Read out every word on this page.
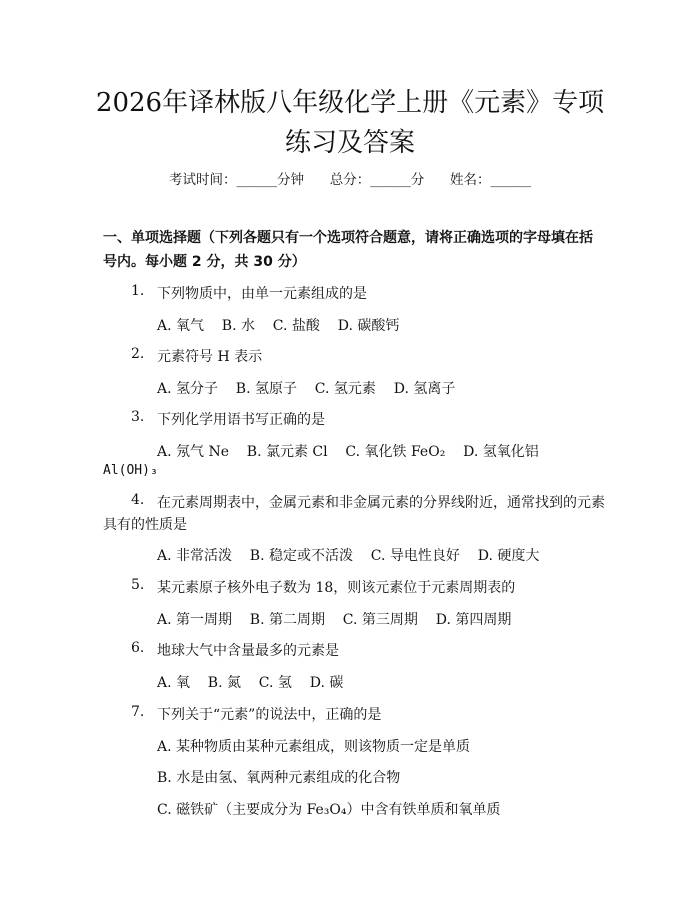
2026年译林版八年级化学上册《元素》专项练习及答案
考试时间：______分钟      总分：______分      姓名：______
一、单项选择题（下列各题只有一个选项符合题意，请将正确选项的字母填在括号内。每小题 2 分，共 30 分）
1. 下列物质中，由单一元素组成的是
A. 氧气    B. 水    C. 盐酸    D. 碳酸钙
2. 元素符号 H 表示
A. 氢分子    B. 氢原子    C. 氢元素    D. 氢离子
3. 下列化学用语书写正确的是
A. 氖气 Ne    B. 氯元素 Cl    C. 氧化铁 FeO₂    D. 氢氧化铝
Al(OH)₃
4. 在元素周期表中，金属元素和非金属元素的分界线附近，通常找到的元素
具有的性质是
A. 非常活泼    B. 稳定或不活泼    C. 导电性良好    D. 硬度大
5. 某元素原子核外电子数为 18，则该元素位于元素周期表的
A. 第一周期    B. 第二周期    C. 第三周期    D. 第四周期
6. 地球大气中含量最多的元素是
A. 氧    B. 氮    C. 氢    D. 碳
7. 下列关于“元素”的说法中，正确的是
A. 某种物质由某种元素组成，则该物质一定是单质
B. 水是由氢、氧两种元素组成的化合物
C. 磁铁矿（主要成分为 Fe₃O₄）中含有铁单质和氧单质
